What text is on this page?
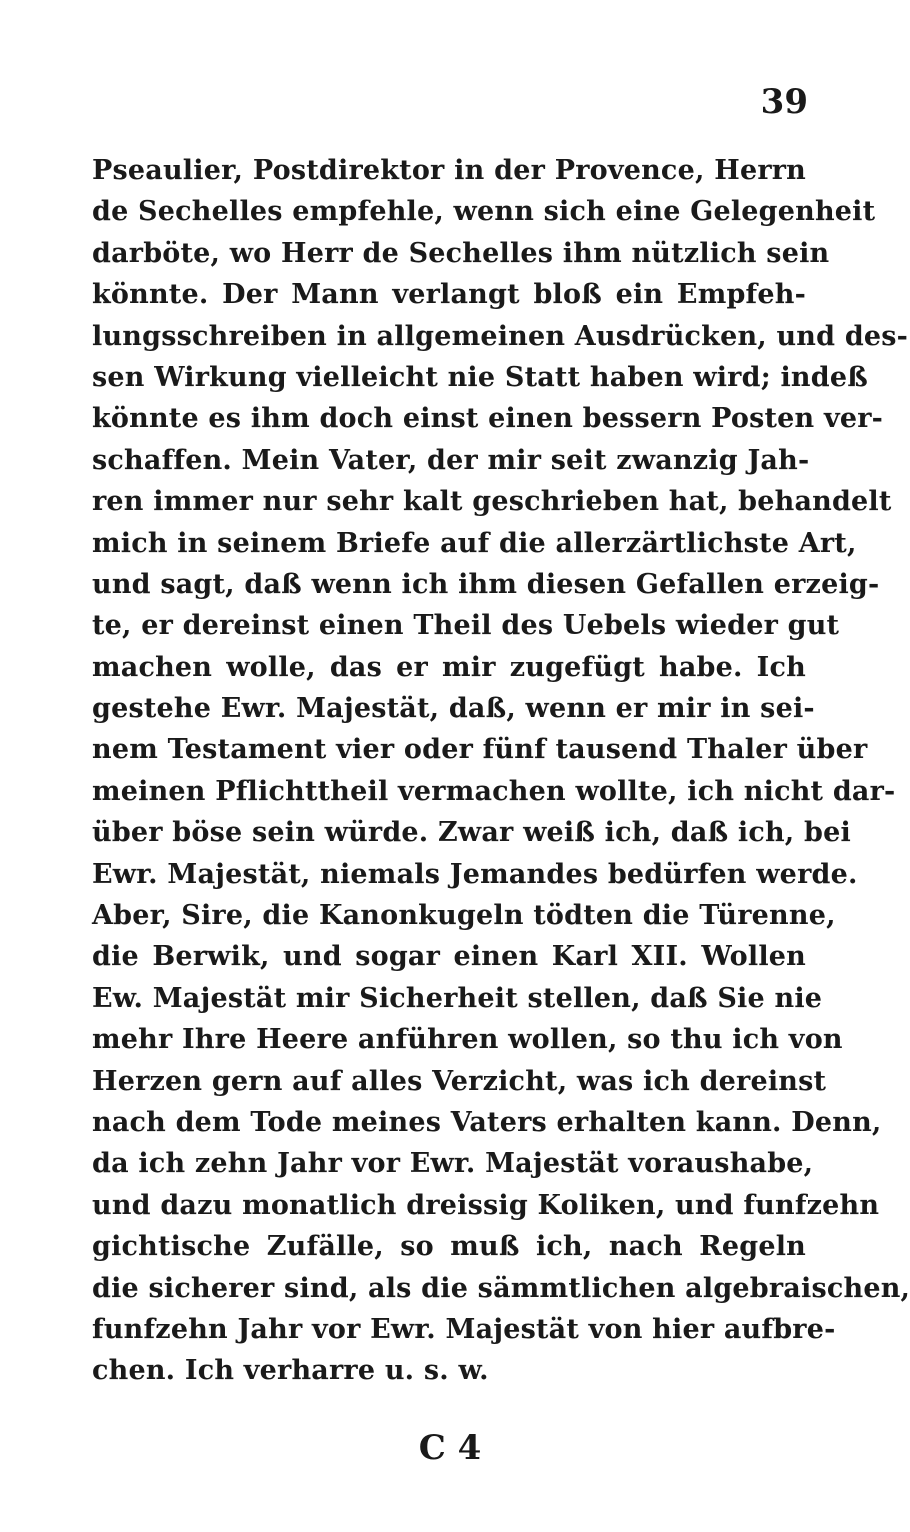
39
Pseaulier, Postdirektor in der Provence, Herrn
de Sechelles empfehle, wenn sich eine Gelegenheit
darböte, wo Herr de Sechelles ihm nützlich sein
könnte. Der Mann verlangt bloß ein Empfeh-
lungsschreiben in allgemeinen Ausdrücken, und des-
sen Wirkung vielleicht nie Statt haben wird; indeß
könnte es ihm doch einst einen bessern Posten ver-
schaffen. Mein Vater, der mir seit zwanzig Jah-
ren immer nur sehr kalt geschrieben hat, behandelt
mich in seinem Briefe auf die allerzärtlichste Art,
und sagt, daß wenn ich ihm diesen Gefallen erzeig-
te, er dereinst einen Theil des Uebels wieder gut
machen wolle, das er mir zugefügt habe. Ich
gestehe Ewr. Majestät, daß, wenn er mir in sei-
nem Testament vier oder fünf tausend Thaler über
meinen Pflichttheil vermachen wollte, ich nicht dar-
über böse sein würde. Zwar weiß ich, daß ich, bei
Ewr. Majestät, niemals Jemandes bedürfen werde.
Aber, Sire, die Kanonkugeln tödten die Türenne,
die Berwik, und sogar einen Karl XII. Wollen
Ew. Majestät mir Sicherheit stellen, daß Sie nie
mehr Ihre Heere anführen wollen, so thu ich von
Herzen gern auf alles Verzicht, was ich dereinst
nach dem Tode meines Vaters erhalten kann. Denn,
da ich zehn Jahr vor Ewr. Majestät voraushabe,
und dazu monatlich dreissig Koliken, und funfzehn
gichtische Zufälle, so muß ich, nach Regeln
die sicherer sind, als die sämmtlichen algebraischen,
funfzehn Jahr vor Ewr. Majestät von hier aufbre-
chen. Ich verharre u. s. w.
C 4
